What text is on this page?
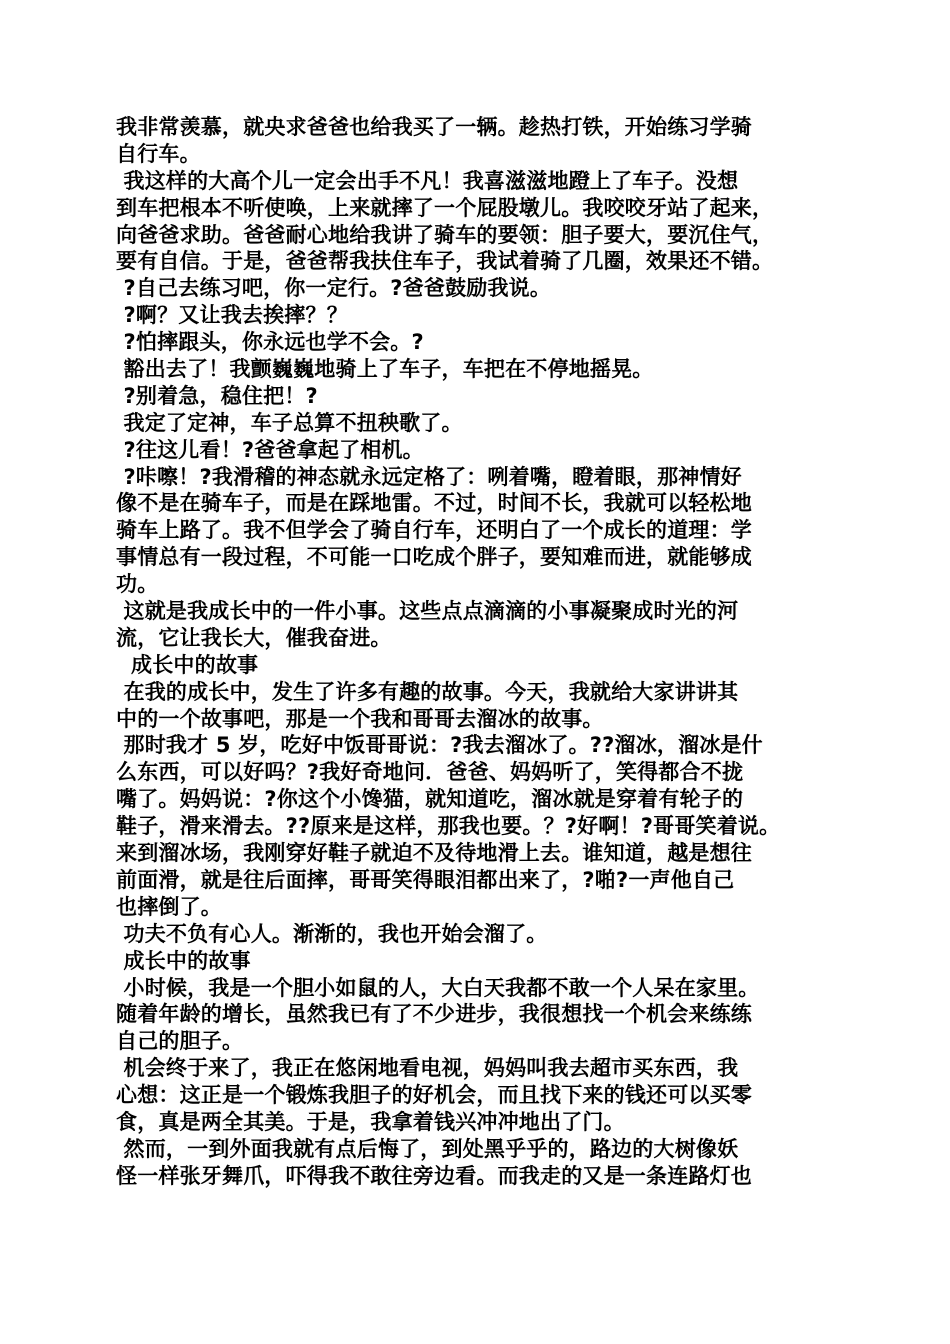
我非常羡慕，就央求爸爸也给我买了一辆。趁热打铁，开始练习学骑
自行车。
我这样的大高个儿一定会出手不凡！我喜滋滋地蹬上了车子。没想
到车把根本不听使唤，上来就摔了一个屁股墩儿。我咬咬牙站了起来，
向爸爸求助。爸爸耐心地给我讲了骑车的要领：胆子要大，要沉住气，
要有自信。于是，爸爸帮我扶住车子，我试着骑了几圈，效果还不错。
?自己去练习吧，你一定行。?爸爸鼓励我说。
?啊？又让我去挨摔？？
?怕摔跟头，你永远也学不会。?
豁出去了！我颤巍巍地骑上了车子，车把在不停地摇晃。
?别着急，稳住把！?
我定了定神，车子总算不扭秧歌了。
?往这儿看！?爸爸拿起了相机。
?咔嚓！?我滑稽的神态就永远定格了：咧着嘴，瞪着眼，那神情好
像不是在骑车子，而是在踩地雷。不过，时间不长，我就可以轻松地
骑车上路了。我不但学会了骑自行车，还明白了一个成长的道理：学
事情总有一段过程，不可能一口吃成个胖子，要知难而进，就能够成
功。
这就是我成长中的一件小事。这些点点滴滴的小事凝聚成时光的河
流，它让我长大，催我奋进。
成长中的故事
在我的成长中，发生了许多有趣的故事。今天，我就给大家讲讲其
中的一个故事吧，那是一个我和哥哥去溜冰的故事。
那时我才 5 岁，吃好中饭哥哥说：?我去溜冰了。??溜冰，溜冰是什
么东西，可以好吗？?我好奇地问．爸爸、妈妈听了，笑得都合不拢
嘴了。妈妈说：?你这个小馋猫，就知道吃，溜冰就是穿着有轮子的
鞋子，滑来滑去。??原来是这样，那我也要。？?好啊！?哥哥笑着说。
来到溜冰场，我刚穿好鞋子就迫不及待地滑上去。谁知道，越是想往
前面滑，就是往后面摔，哥哥笑得眼泪都出来了，?啪?一声他自己
也摔倒了。
功夫不负有心人。渐渐的，我也开始会溜了。
成长中的故事
小时候，我是一个胆小如鼠的人，大白天我都不敢一个人呆在家里。
随着年龄的增长，虽然我已有了不少进步，我很想找一个机会来练练
自己的胆子。
机会终于来了，我正在悠闲地看电视，妈妈叫我去超市买东西，我
心想：这正是一个锻炼我胆子的好机会，而且找下来的钱还可以买零
食，真是两全其美。于是，我拿着钱兴冲冲地出了门。
然而，一到外面我就有点后悔了，到处黑乎乎的，路边的大树像妖
怪一样张牙舞爪，吓得我不敢往旁边看。而我走的又是一条连路灯也
